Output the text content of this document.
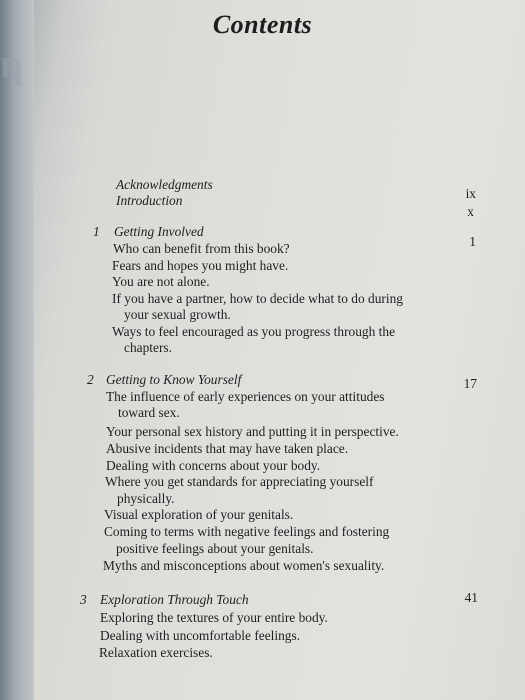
η
Contents
Acknowledgments
ix
Introduction
x
1 Getting Involved
1
Who can benefit from this book?
Fears and hopes you might have.
You are not alone.
If you have a partner, how to decide what to do during
your sexual growth.
Ways to feel encouraged as you progress through the
chapters.
2 Getting to Know Yourself	17
The influence of early experiences on your attitudes
toward sex.
Your personal sex history and putting it in perspective.
Abusive incidents that may have taken place.
Dealing with concerns about your body.
Where you get standards for appreciating yourself
physically.
Visual exploration of your genitals.
Coming to terms with negative feelings and fostering
positive feelings about your genitals.
Myths and misconceptions about women's sexuality.
3 Exploration Through Touch	41
Exploring the textures of your entire body.
Dealing with uncomfortable feelings.
Relaxation exercises.
